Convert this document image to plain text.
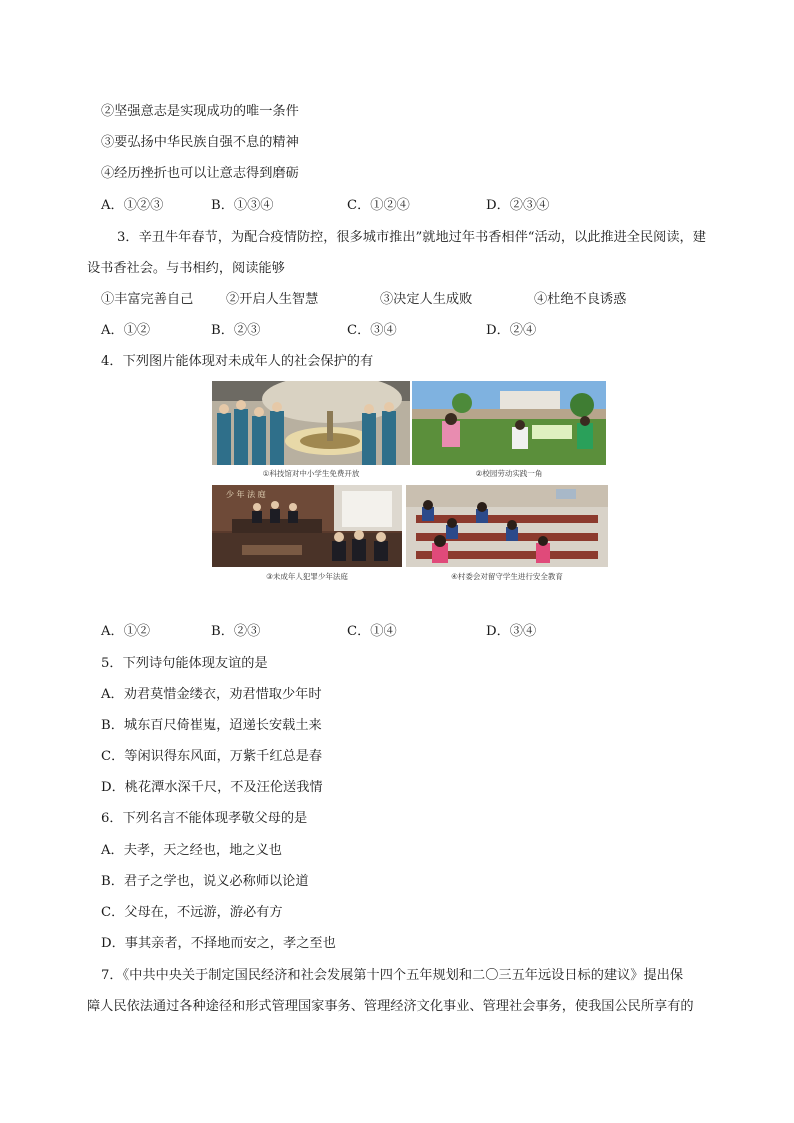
②坚强意志是实现成功的唯一条件
③要弘扬中华民族自强不息的精神
④经历挫折也可以让意志得到磨砺
A．①②③	B．①③④	C．①②④	D．②③④
3．辛丑牛年春节，为配合疫情防控，很多城市推出”就地过年书香相伴“活动，以此推进全民阅读，建
设书香社会。与书相约，阅读能够
①丰富完善自己 ②开启人生智慧	③决定人生成败	④杜绝不良诱惑
A．①②	B．②③	C．③④	D．②④
4．下列图片能体现对未成年人的社会保护的有
①科技馆对中小学生免费开放	②校园劳动实践一角
少 年 法 庭
③未成年人犯罪少年法庭	④村委会对留守学生进行安全教育
A．①②	B．②③	C．①④	D．③④
5．下列诗句能体现友谊的是
A．劝君莫惜金缕衣，劝君惜取少年时
B．城东百尺倚崔嵬，迢递长安载土来
C．等闲识得东风面，万紫千红总是春
D．桃花潭水深千尺，不及汪伦送我情
6．下列名言不能体现孝敬父母的是
A．夫孝，天之经也，地之义也
B．君子之学也，说义必称师以论道
C．父母在，不远游，游必有方
D．事其亲者，不择地而安之，孝之至也
7．《中共中央关于制定国民经济和社会发展第十四个五年规划和二〇三五年远设日标的建议》提出保
障人民依法通过各种途径和形式管理国家事务、管理经济文化事业、管理社会事务，使我国公民所享有的
